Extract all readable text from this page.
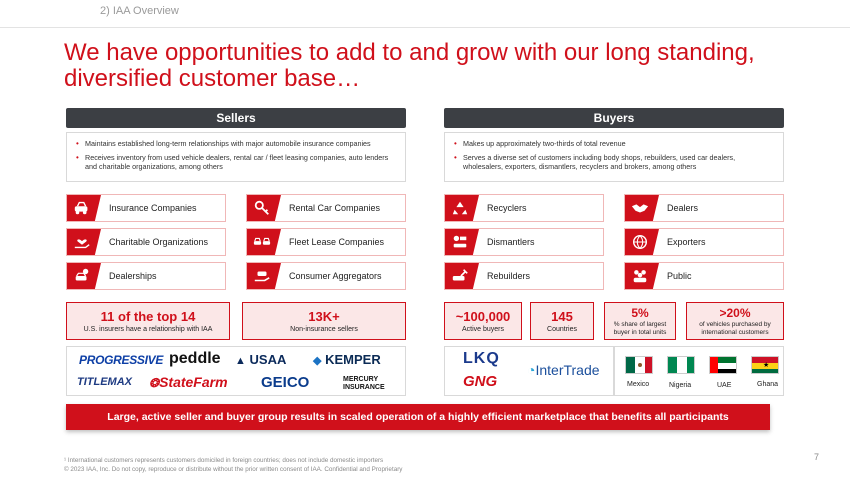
2) IAA Overview
We have opportunities to add to and grow with our long standing, diversified customer base…
Sellers	Buyers
• Maintains established long-term relationships with major automobile insurance companies
• Receives inventory from used vehicle dealers, rental car / fleet leasing companies, auto lenders and charitable organizations, among others
• Makes up approximately two-thirds of total revenue
• Serves a diverse set of customers including body shops, rebuilders, used car dealers, wholesalers, exporters, dismantlers, recyclers and brokers, among others
Insurance Companies	Rental Car Companies
Charitable Organizations	Fleet Lease Companies
Dealerships	Consumer Aggregators
Recyclers	Dealers
Dismantlers	Exporters
Rebuilders	Public
11 of the top 14
U.S. insurers have a relationship with IAA
13K+
Non-insurance sellers
~100,000
Active buyers
145
Countries
5%
% share of largest buyer in total units
>20%
of vehicles purchased by international customers
PROGRESSIVE peddle ▲ USAA ◆ KEMPER
TITLEMAX ❂StateFarm GEICO	MERCURY
INSURANCE
LKQ
GNG
◔InterTrade	★
Mexico	Nigeria	UAE	Ghana
Large, active seller and buyer group results in scaled operation of a highly efficient marketplace that benefits all participants
7
¹ International customers represents customers domiciled in foreign countries; does not include domestic importers
© 2023 IAA, Inc. Do not copy, reproduce or distribute without the prior written consent of IAA. Confidential and Proprietary
